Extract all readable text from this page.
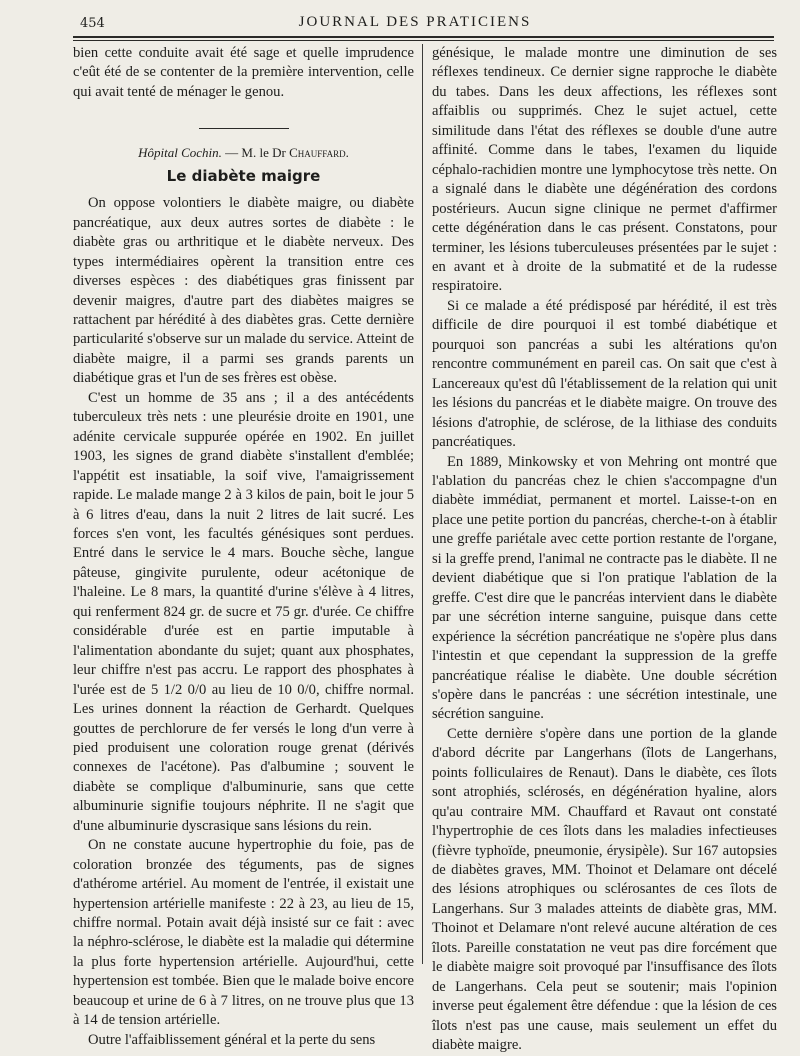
454	JOURNAL DES PRATICIENS

bien cette conduite avait été sage et quelle imprudence c'eût été de se contenter de la première intervention, celle qui avait tenté de ménager le genou.

Hôpital Cochin. — M. le Dr Chauffard.

Le diabète maigre

On oppose volontiers le diabète maigre, ou diabète pancréatique, aux deux autres sortes de diabète : le diabète gras ou arthritique et le diabète nerveux. Des types intermédiaires opèrent la transition entre ces diverses espèces : des diabétiques gras finissent par devenir maigres, d'autre part des diabètes maigres se rattachent par hérédité à des diabètes gras. Cette dernière particularité s'observe sur un malade du service. Atteint de diabète maigre, il a parmi ses grands parents un diabétique gras et l'un de ses frères est obèse.

C'est un homme de 35 ans ; il a des antécédents tuberculeux très nets : une pleurésie droite en 1901, une adénite cervicale suppurée opérée en 1902. En juillet 1903, les signes de grand diabète s'installent d'emblée; l'appétit est insatiable, la soif vive, l'amaigrissement rapide. Le malade mange 2 à 3 kilos de pain, boit le jour 5 à 6 litres d'eau, dans la nuit 2 litres de lait sucré. Les forces s'en vont, les facultés génésiques sont perdues. Entré dans le service le 4 mars. Bouche sèche, langue pâteuse, gingivite purulente, odeur acétonique de l'haleine. Le 8 mars, la quantité d'urine s'élève à 4 litres, qui renferment 824 gr. de sucre et 75 gr. d'urée. Ce chiffre considérable d'urée est en partie imputable à l'alimentation abondante du sujet; quant aux phosphates, leur chiffre n'est pas accru. Le rapport des phosphates à l'urée est de 5 1/2 0/0 au lieu de 10 0/0, chiffre normal. Les urines donnent la réaction de Gerhardt. Quelques gouttes de perchlorure de fer versés le long d'un verre à pied produisent une coloration rouge grenat (dérivés connexes de l'acétone). Pas d'albumine ; souvent le diabète se complique d'albuminurie, sans que cette albuminurie signifie toujours néphrite. Il ne s'agit que d'une albuminurie dyscrasique sans lésions du rein.

On ne constate aucune hypertrophie du foie, pas de coloration bronzée des téguments, pas de signes d'athérome artériel. Au moment de l'entrée, il existait une hypertension artérielle manifeste : 22 à 23, au lieu de 15, chiffre normal. Potain avait déjà insisté sur ce fait : avec la néphro-sclérose, le diabète est la maladie qui détermine la plus forte hypertension artérielle. Aujourd'hui, cette hypertension est tombée. Bien que le malade boive encore beaucoup et urine de 6 à 7 litres, on ne trouve plus que 13 à 14 de tension artérielle.

Outre l'affaiblissement général et la perte du sens

génésique, le malade montre une diminution de ses réflexes tendineux. Ce dernier signe rapproche le diabète du tabes. Dans les deux affections, les réflexes sont affaiblis ou supprimés. Chez le sujet actuel, cette similitude dans l'état des réflexes se double d'une autre affinité. Comme dans le tabes, l'examen du liquide céphalo-rachidien montre une lymphocytose très nette. On a signalé dans le diabète une dégénération des cordons postérieurs. Aucun signe clinique ne permet d'affirmer cette dégénération dans le cas présent. Constatons, pour terminer, les lésions tuberculeuses présentées par le sujet : en avant et à droite de la submatité et de la rudesse respiratoire.

Si ce malade a été prédisposé par hérédité, il est très difficile de dire pourquoi il est tombé diabétique et pourquoi son pancréas a subi les altérations qu'on rencontre communément en pareil cas. On sait que c'est à Lancereaux qu'est dû l'établissement de la relation qui unit les lésions du pancréas et le diabète maigre. On trouve des lésions d'atrophie, de sclérose, de la lithiase des conduits pancréatiques.

En 1889, Minkowsky et von Mehring ont montré que l'ablation du pancréas chez le chien s'accompagne d'un diabète immédiat, permanent et mortel. Laisse-t-on en place une petite portion du pancréas, cherche-t-on à établir une greffe pariétale avec cette portion restante de l'organe, si la greffe prend, l'animal ne contracte pas le diabète. Il ne devient diabétique que si l'on pratique l'ablation de la greffe. C'est dire que le pancréas intervient dans le diabète par une sécrétion interne sanguine, puisque dans cette expérience la sécrétion pancréatique ne s'opère plus dans l'intestin et que cependant la suppression de la greffe pancréatique réalise le diabète. Une double sécrétion s'opère dans le pancréas : une sécrétion intestinale, une sécrétion sanguine.

Cette dernière s'opère dans une portion de la glande d'abord décrite par Langerhans (îlots de Langerhans, points folliculaires de Renaut). Dans le diabète, ces îlots sont atrophiés, sclérosés, en dégénération hyaline, alors qu'au contraire MM. Chauffard et Ravaut ont constaté l'hypertrophie de ces îlots dans les maladies infectieuses (fièvre typhoïde, pneumonie, érysipèle). Sur 167 autopsies de diabètes graves, MM. Thoinot et Delamare ont décelé des lésions atrophiques ou sclérosantes de ces îlots de Langerhans. Sur 3 malades atteints de diabète gras, MM. Thoinot et Delamare n'ont relevé aucune altération de ces îlots. Pareille constatation ne veut pas dire forcément que le diabète maigre soit provoqué par l'insuffisance des îlots de Langerhans. Cela peut se soutenir; mais l'opinion inverse peut également être défendue : que la lésion de ces îlots n'est pas une cause, mais seulement un effet du diabète maigre.
